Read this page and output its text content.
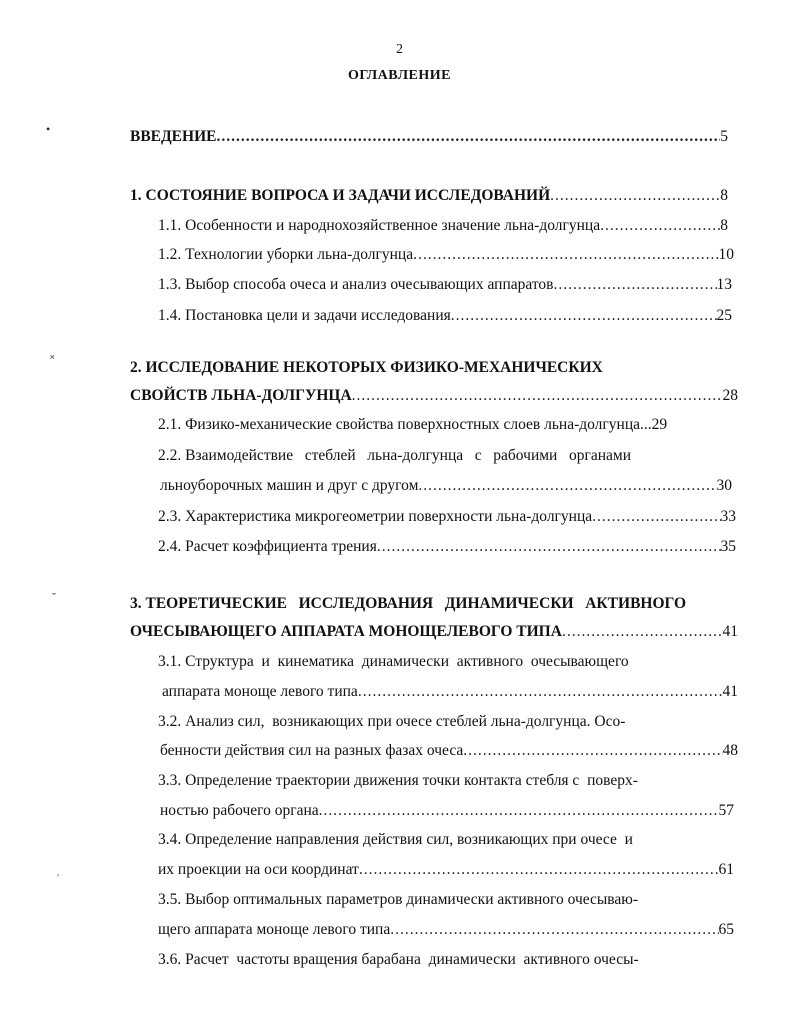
•
˟
˘
˒
2
ОГЛАВЛЕНИЕ
ВВЕДЕНИЕ .....	5
1. СОСТОЯНИЕ ВОПРОСА И ЗАДАЧИ ИССЛЕДОВАНИЙ .....	8
1.1. Особенности и народнохозяйственное значение льна-долгунца .....	8
1.2. Технологии уборки льна-долгунца .....	10
1.3. Выбор способа очеса и анализ очесывающих аппаратов .....	13
1.4. Постановка цели и задачи исследования .....	25
2. ИССЛЕДОВАНИЕ НЕКОТОРЫХ ФИЗИКО-МЕХАНИЧЕСКИХ
СВОЙСТВ ЛЬНА-ДОЛГУНЦА .....	28
2.1. Физико-механические свойства поверхностных слоев льна-долгунца... 29
2.2. Взаимодействие   стеблей   льна-долгунца   с   рабочими   органами
льноуборочных машин и друг с другом .....	30
2.3. Характеристика микрогеометрии поверхности льна-долгунца .....	33
2.4. Расчет коэффициента трения .....	35
3. ТЕОРЕТИЧЕСКИЕ   ИССЛЕДОВАНИЯ   ДИНАМИЧЕСКИ   АКТИВНОГО
ОЧЕСЫВАЮЩЕГО АППАРАТА МОНОЩЕЛЕВОГО ТИПА .....	41
3.1. Структура  и  кинематика  динамически  активного  очесывающего
аппарата моноще левого типа .....	41
3.2. Анализ сил,  возникающих при очесе стеблей льна-долгунца. Осо-
бенности действия сил на разных фазах очеса .....	48
3.3. Определение траектории движения точки контакта стебля с  поверх-
ностью рабочего органа .....	57
3.4. Определение направления действия сил, возникающих при очесе  и
их проекции на оси координат .....	61
3.5. Выбор оптимальных параметров динамически активного очесываю-
щего аппарата моноще левого типа .....	65
3.6. Расчет  частоты вращения барабана  динамически  активного очесы-
